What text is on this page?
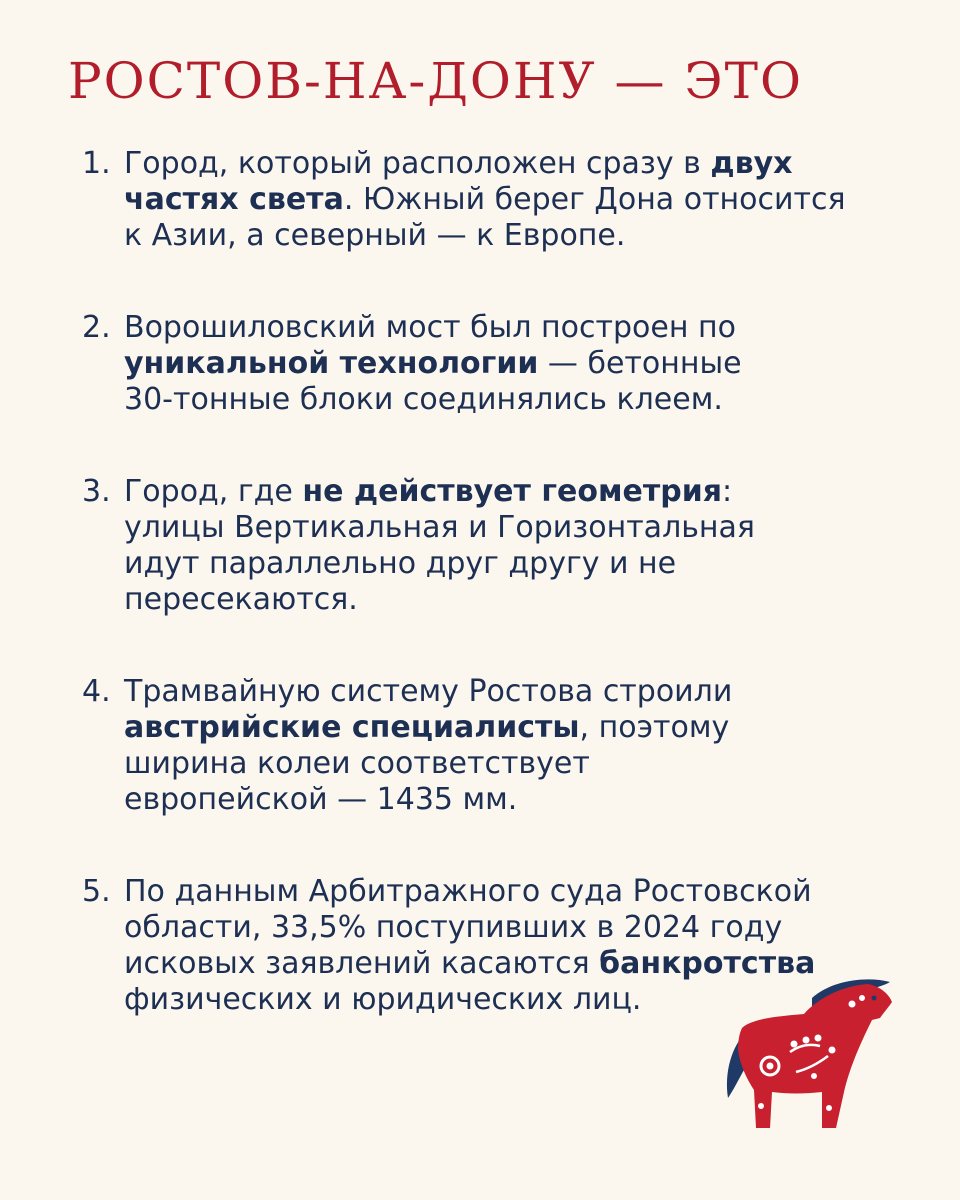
РОСТОВ-НА-ДОНУ — ЭТО
1. Город, который расположен сразу в двух частях света. Южный берег Дона относится к Азии, а северный — к Европе.
2. Ворошиловский мост был построен по уникальной технологии — бетонные 30-тонные блоки соединялись клеем.
3. Город, где не действует геометрия: улицы Вертикальная и Горизонтальная идут параллельно друг другу и не пересекаются.
4. Трамвайную систему Ростова строили австрийские специалисты, поэтому ширина колеи соответствует европейской — 1435 мм.
5. По данным Арбитражного суда Ростовской области, 33,5% поступивших в 2024 году исковых заявлений касаются банкротства физических и юридических лиц.
